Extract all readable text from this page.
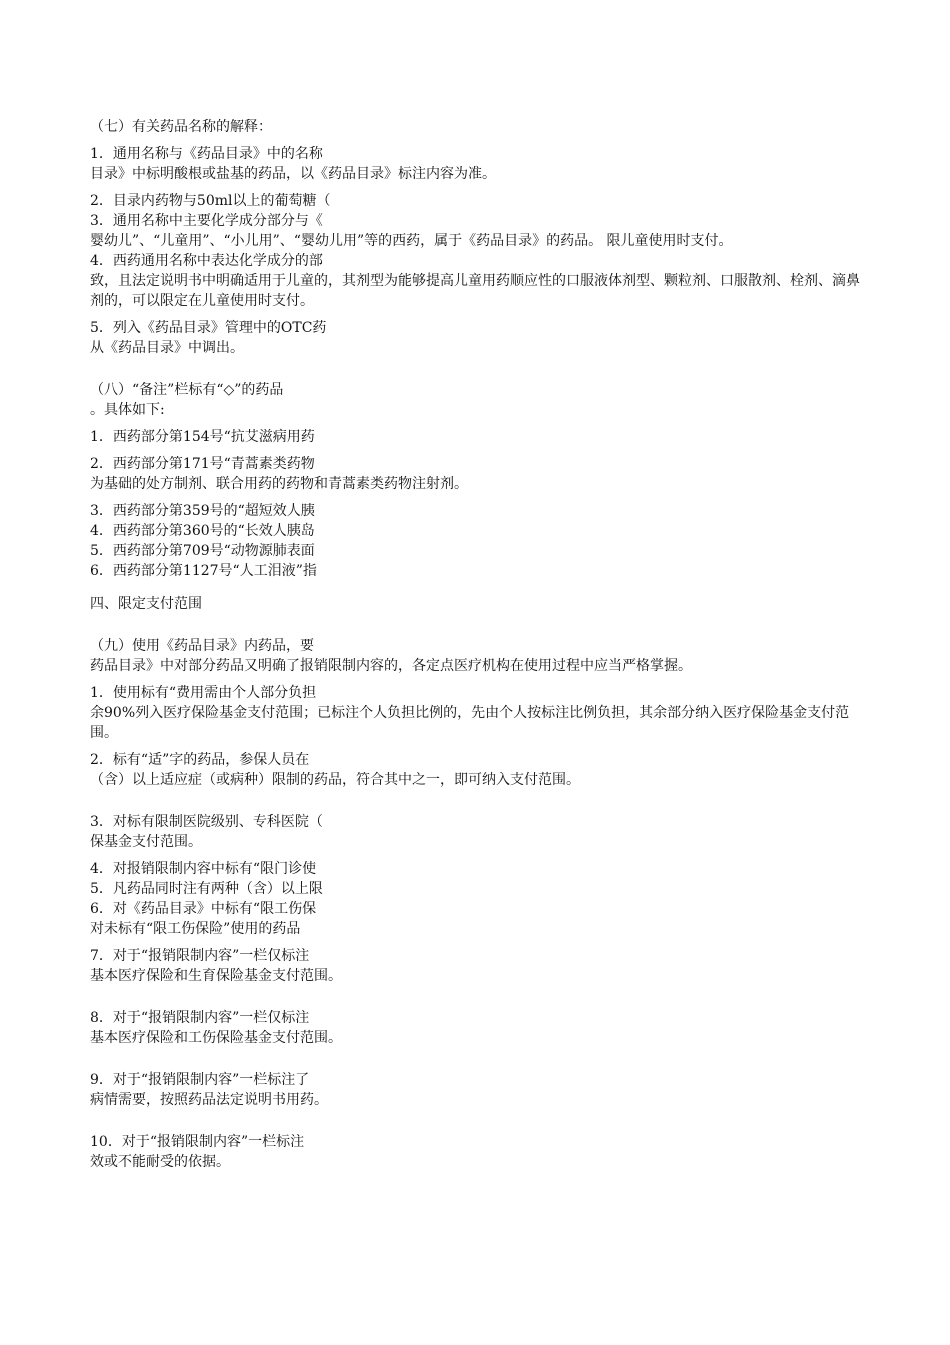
（七）有关药品名称的解释：
1．通用名称与《药品目录》中的名称
目录》中标明酸根或盐基的药品，以《药品目录》标注内容为准。
2．目录内药物与50ml以上的葡萄糖（
3．通用名称中主要化学成分部分与《
婴幼儿”、“儿童用”、“小儿用”、“婴幼儿用”等的西药，属于《药品目录》的药品。 限儿童使用时支付。
4．西药通用名称中表达化学成分的部
致，且法定说明书中明确适用于儿童的，其剂型为能够提高儿童用药顺应性的口服液体剂型、颗粒剂、口服散剂、栓剂、滴鼻剂的，可以限定在儿童使用时支付。
5．列入《药品目录》管理中的OTC药
从《药品目录》中调出。
（八）“备注”栏标有“◇”的药品
。具体如下:
1．西药部分第154号“抗艾滋病用药
2．西药部分第171号“青蒿素类药物
为基础的处方制剂、联合用药的药物和青蒿素类药物注射剂。
3．西药部分第359号的“超短效人胰
4．西药部分第360号的“长效人胰岛
5．西药部分第709号“动物源肺表面
6．西药部分第1127号“人工泪液”指
四、限定支付范围
（九）使用《药品目录》内药品，要
药品目录》中对部分药品又明确了报销限制内容的，各定点医疗机构在使用过程中应当严格掌握。
1．使用标有“费用需由个人部分负担
余90%列入医疗保险基金支付范围；已标注个人负担比例的，先由个人按标注比例负担，其余部分纳入医疗保险基金支付范围。
2．标有“适”字的药品，参保人员在
（含）以上适应症（或病种）限制的药品，符合其中之一，即可纳入支付范围。
3．对标有限制医院级别、专科医院（
保基金支付范围。
4．对报销限制内容中标有“限门诊使
5．凡药品同时注有两种（含）以上限
6．对《药品目录》中标有“限工伤保
对未标有“限工伤保险”使用的药品
7．对于“报销限制内容”一栏仅标注
基本医疗保险和生育保险基金支付范围。
8．对于“报销限制内容”一栏仅标注
基本医疗保险和工伤保险基金支付范围。
9．对于“报销限制内容”一栏标注了
病情需要，按照药品法定说明书用药。
10．对于“报销限制内容”一栏标注
效或不能耐受的依据。
